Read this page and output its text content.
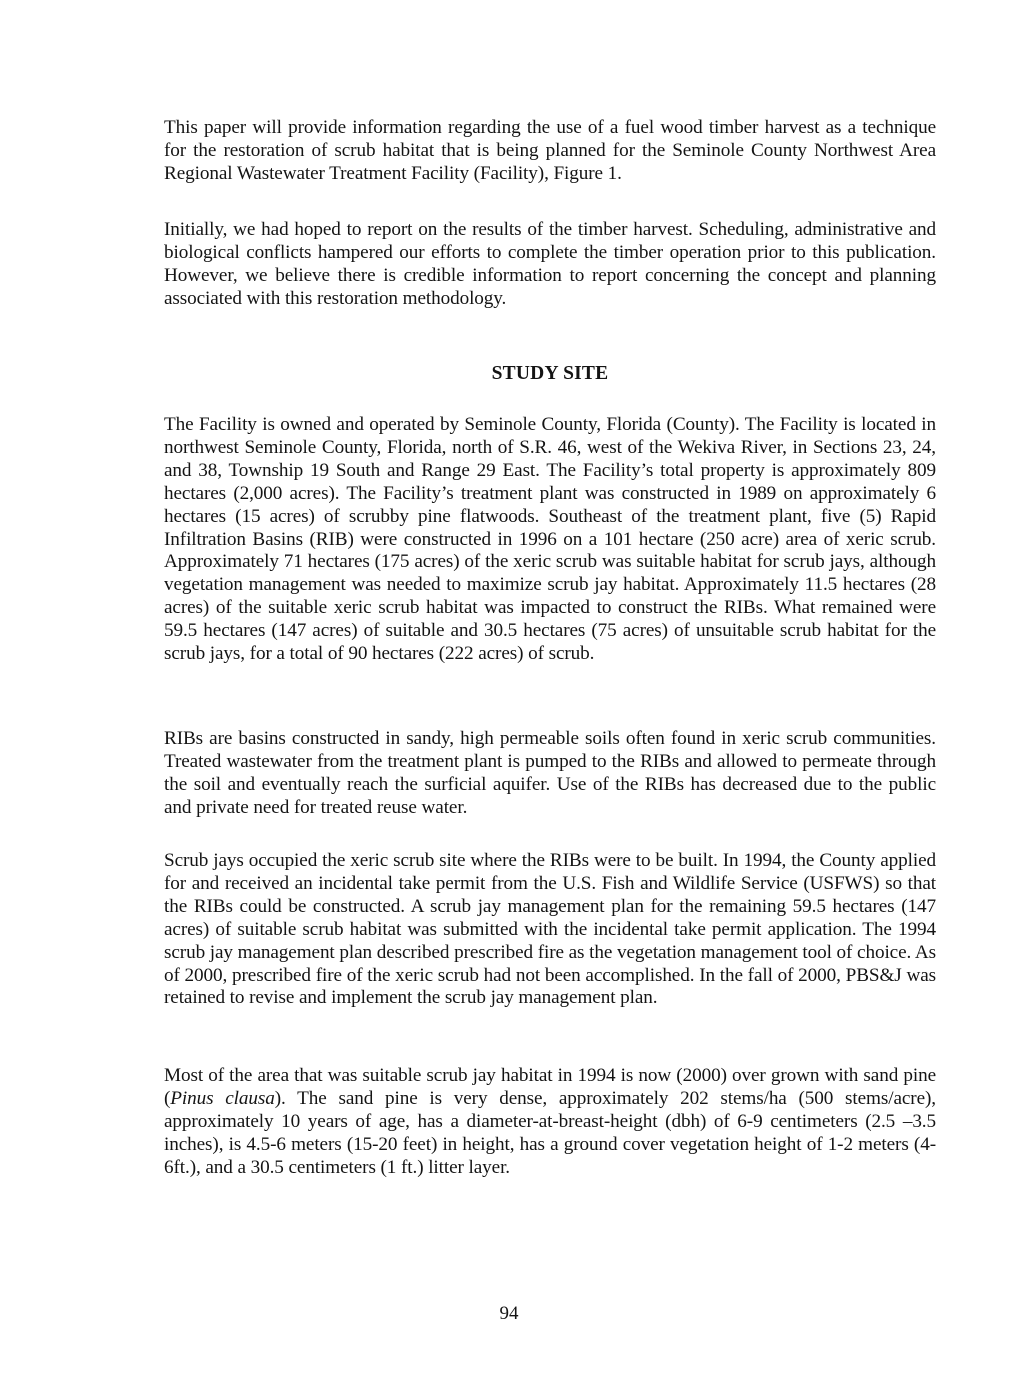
This paper will provide information regarding the use of a fuel wood timber harvest as a technique for the restoration of scrub habitat that is being planned for the Seminole County Northwest Area Regional Wastewater Treatment Facility (Facility), Figure 1.

Initially, we had hoped to report on the results of the timber harvest. Scheduling, administrative and biological conflicts hampered our efforts to complete the timber operation prior to this publication. However, we believe there is credible information to report concerning the concept and planning associated with this restoration methodology.

STUDY SITE

The Facility is owned and operated by Seminole County, Florida (County). The Facility is located in northwest Seminole County, Florida, north of S.R. 46, west of the Wekiva River, in Sections 23, 24, and 38, Township 19 South and Range 29 East. The Facility’s total property is approximately 809 hectares (2,000 acres). The Facility’s treatment plant was constructed in 1989 on approximately 6 hectares (15 acres) of scrubby pine flatwoods. Southeast of the treatment plant, five (5) Rapid Infiltration Basins (RIB) were constructed in 1996 on a 101 hectare (250 acre) area of xeric scrub. Approximately 71 hectares (175 acres) of the xeric scrub was suitable habitat for scrub jays, although vegetation management was needed to maximize scrub jay habitat. Approximately 11.5 hectares (28 acres) of the suitable xeric scrub habitat was impacted to construct the RIBs. What remained were 59.5 hectares (147 acres) of suitable and 30.5 hectares (75 acres) of unsuitable scrub habitat for the scrub jays, for a total of 90 hectares (222 acres) of scrub.

RIBs are basins constructed in sandy, high permeable soils often found in xeric scrub communities. Treated wastewater from the treatment plant is pumped to the RIBs and allowed to permeate through the soil and eventually reach the surficial aquifer. Use of the RIBs has decreased due to the public and private need for treated reuse water.

Scrub jays occupied the xeric scrub site where the RIBs were to be built. In 1994, the County applied for and received an incidental take permit from the U.S. Fish and Wildlife Service (USFWS) so that the RIBs could be constructed. A scrub jay management plan for the remaining 59.5 hectares (147 acres) of suitable scrub habitat was submitted with the incidental take permit application. The 1994 scrub jay management plan described prescribed fire as the vegetation management tool of choice. As of 2000, prescribed fire of the xeric scrub had not been accomplished. In the fall of 2000, PBS&J was retained to revise and implement the scrub jay management plan.

Most of the area that was suitable scrub jay habitat in 1994 is now (2000) over grown with sand pine (Pinus clausa). The sand pine is very dense, approximately 202 stems/ha (500 stems/acre), approximately 10 years of age, has a diameter-at-breast-height (dbh) of 6-9 centimeters (2.5 –3.5 inches), is 4.5-6 meters (15-20 feet) in height, has a ground cover vegetation height of 1-2 meters (4-6ft.), and a 30.5 centimeters (1 ft.) litter layer.

94
